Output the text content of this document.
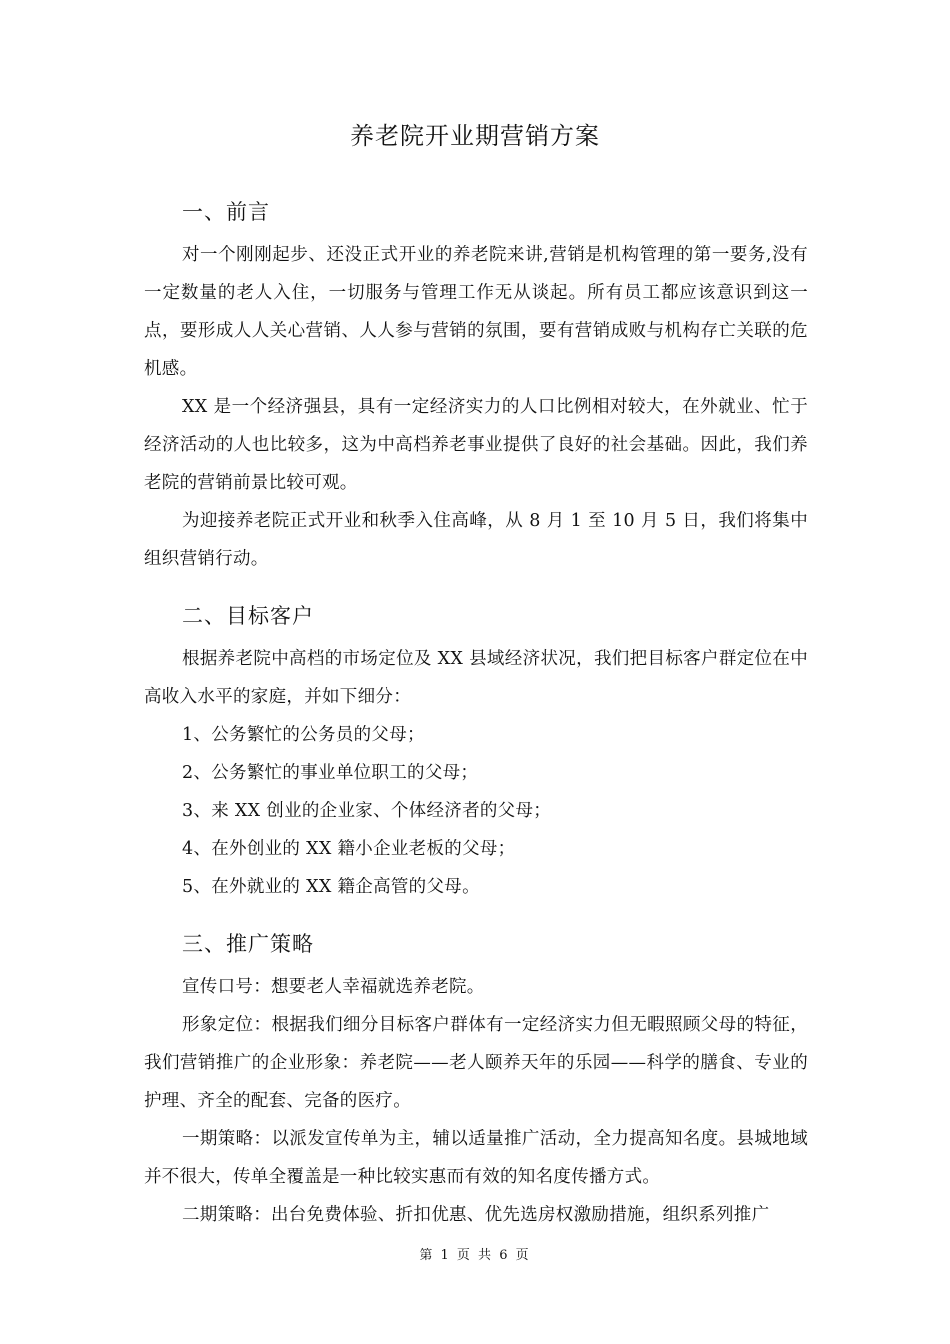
养老院开业期营销方案
一、前言

对一个刚刚起步、还没正式开业的养老院来讲,营销是机构管理的第一要务,没有一定数量的老人入住，一切服务与管理工作无从谈起。所有员工都应该意识到这一点，要形成人人关心营销、人人参与营销的氛围，要有营销成败与机构存亡关联的危机感。

XX 是一个经济强县，具有一定经济实力的人口比例相对较大，在外就业、忙于经济活动的人也比较多，这为中高档养老事业提供了良好的社会基础。因此，我们养老院的营销前景比较可观。

为迎接养老院正式开业和秋季入住高峰，从 8 月 1 至 10 月 5 日，我们将集中组织营销行动。

二、目标客户

根据养老院中高档的市场定位及 XX 县域经济状况，我们把目标客户群定位在中高收入水平的家庭，并如下细分：

1、公务繁忙的公务员的父母；

2、公务繁忙的事业单位职工的父母；

3、来 XX 创业的企业家、个体经济者的父母；

4、在外创业的 XX 籍小企业老板的父母；

5、在外就业的 XX 籍企高管的父母。

三、推广策略

宣传口号：想要老人幸福就选养老院。

形象定位：根据我们细分目标客户群体有一定经济实力但无暇照顾父母的特征，我们营销推广的企业形象：养老院——老人颐养天年的乐园——科学的膳食、专业的护理、齐全的配套、完备的医疗。

一期策略：以派发宣传单为主，辅以适量推广活动，全力提高知名度。县城地域并不很大，传单全覆盖是一种比较实惠而有效的知名度传播方式。

二期策略：出台免费体验、折扣优惠、优先选房权激励措施，组织系列推广

第 1 页 共 6 页
